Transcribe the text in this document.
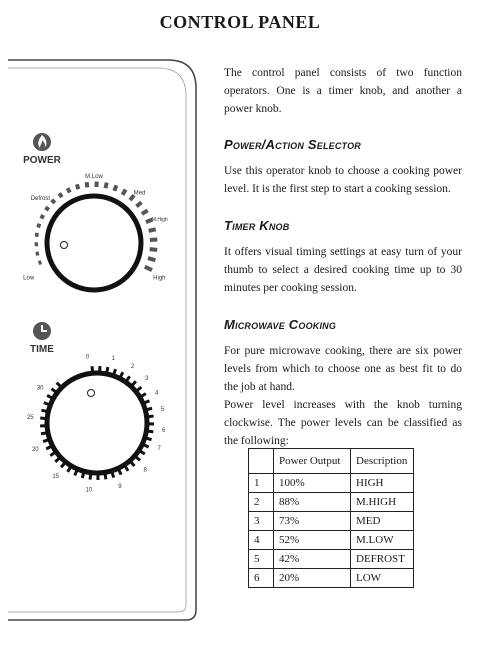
CONTROL PANEL
POWER
Low
Defrost
M.Low
Med
M.High
High
TIME
0	1
2
3
4
5
6
7
8
9
10
15
20
25
30

The control panel consists of two function operators. One is a timer knob, and another a power knob.

Power/Action Selector

Use this operator knob to choose a cooking power level. It is the first step to start a cooking session.

Timer Knob

It offers visual timing settings at easy turn of your thumb to select a desired cooking time up to 30 minutes per cooking session.

Microwave Cooking

For pure microwave cooking, there are six power levels from which to choose one as best fit to do the job at hand.

Power level increases with the knob turning clockwise. The power levels can be classified as the following:

	Power Output	Description
1	100%	HIGH
2	88%	M.HIGH
3	73%	MED
4	52%	M.LOW
5	42%	DEFROST
6	20%	LOW
